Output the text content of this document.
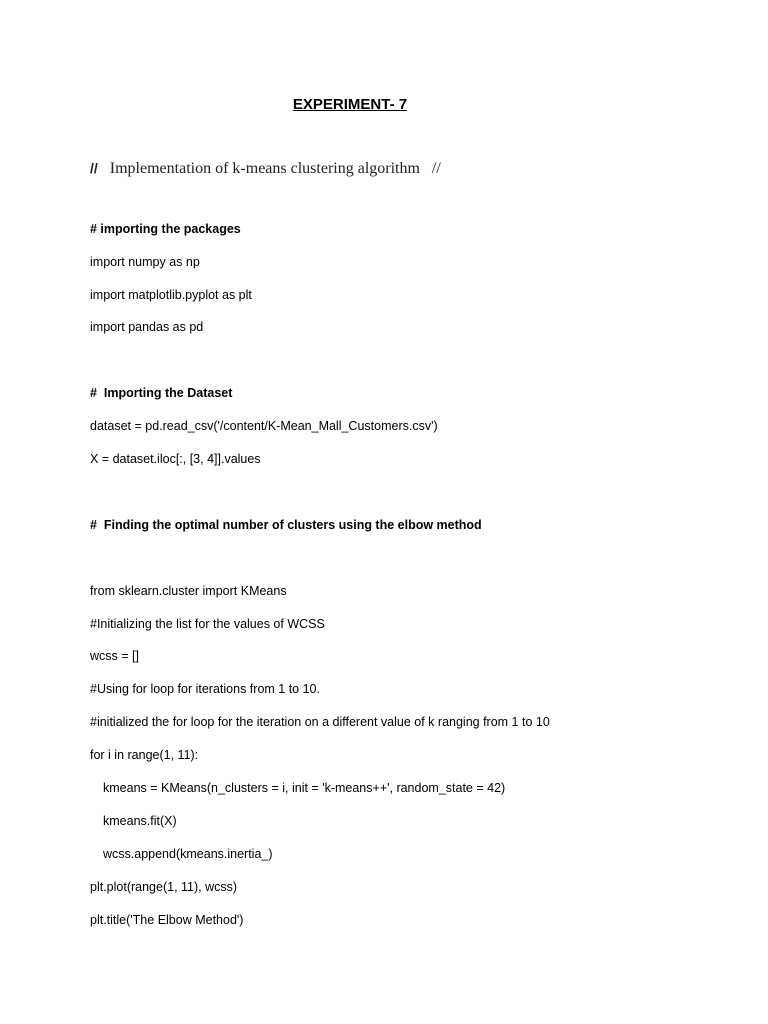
EXPERIMENT- 7
// Implementation of k-means clustering algorithm //
# importing the packages
import numpy as np
import matplotlib.pyplot as plt
import pandas as pd
#  Importing the Dataset
dataset = pd.read_csv('/content/K-Mean_Mall_Customers.csv')
X = dataset.iloc[:, [3, 4]].values
#  Finding the optimal number of clusters using the elbow method
from sklearn.cluster import KMeans
#Initializing the list for the values of WCSS
wcss = []
#Using for loop for iterations from 1 to 10.
#initialized the for loop for the iteration on a different value of k ranging from 1 to 10
for i in range(1, 11):
kmeans = KMeans(n_clusters = i, init = 'k-means++', random_state = 42)
kmeans.fit(X)
wcss.append(kmeans.inertia_)
plt.plot(range(1, 11), wcss)
plt.title('The Elbow Method')
